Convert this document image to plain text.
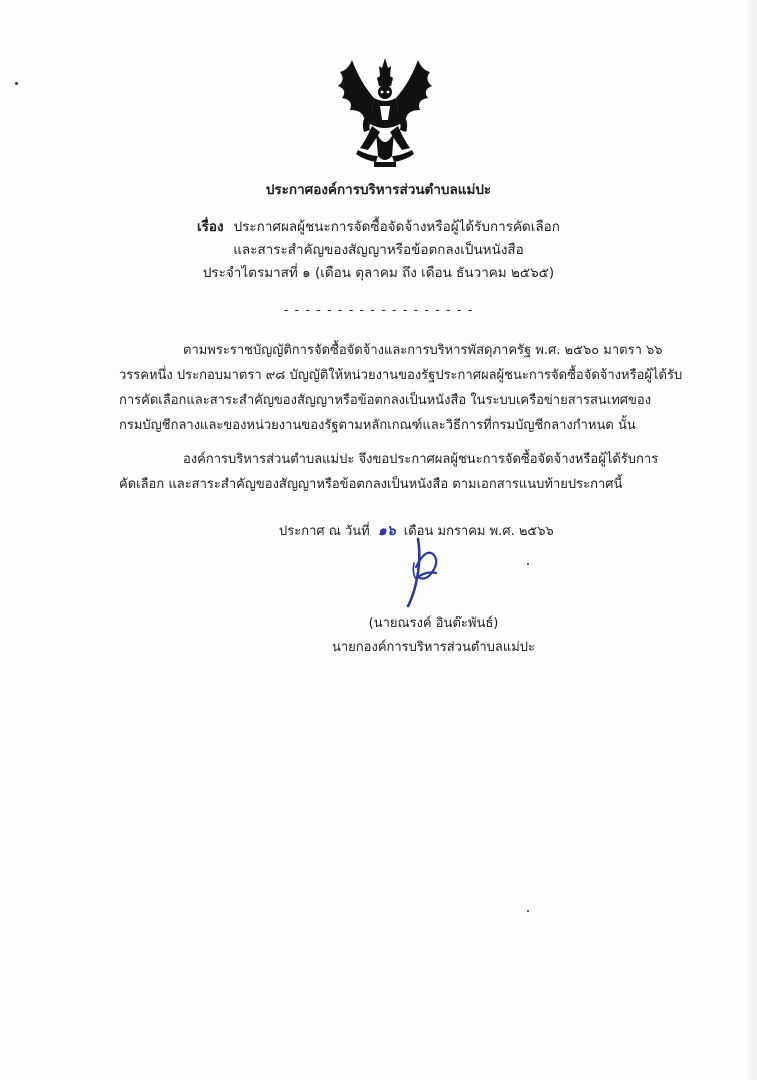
ประกาศองค์การบริหารส่วนตำบลแม่ปะ
เรื่อง ประกาศผลผู้ชนะการจัดซื้อจัดจ้างหรือผู้ได้รับการคัดเลือก
และสาระสำคัญของสัญญาหรือข้อตกลงเป็นหนังสือ
ประจำไตรมาสที่ ๑ (เดือน ตุลาคม ถึง เดือน ธันวาคม ๒๕๖๕)
- - - - - - - - - - - - - - - - - -
ตามพระราชบัญญัติการจัดซื้อจัดจ้างและการบริหารพัสดุภาครัฐ พ.ศ. ๒๕๖๐ มาตรา ๖๖
วรรคหนึ่ง ประกอบมาตรา ๙๘ บัญญัติให้หน่วยงานของรัฐประกาศผลผู้ชนะการจัดซื้อจัดจ้างหรือผู้ได้รับ
การคัดเลือกและสาระสำคัญของสัญญาหรือข้อตกลงเป็นหนังสือ ในระบบเครือข่ายสารสนเทศของ
กรมบัญชีกลางและของหน่วยงานของรัฐตามหลักเกณฑ์และวิธีการที่กรมบัญชีกลางกำหนด นั้น
องค์การบริหารส่วนตำบลแม่ปะ จึงขอประกาศผลผู้ชนะการจัดซื้อจัดจ้างหรือผู้ได้รับการ
คัดเลือก และสาระสำคัญของสัญญาหรือข้อตกลงเป็นหนังสือ ตามเอกสารแนบท้ายประกาศนี้
ประกาศ ณ วันที่ ๑๖ เดือน มกราคม พ.ศ. ๒๕๖๖
(นายณรงค์ อินต๊ะพันธ์)
นายกองค์การบริหารส่วนตำบลแม่ปะ
